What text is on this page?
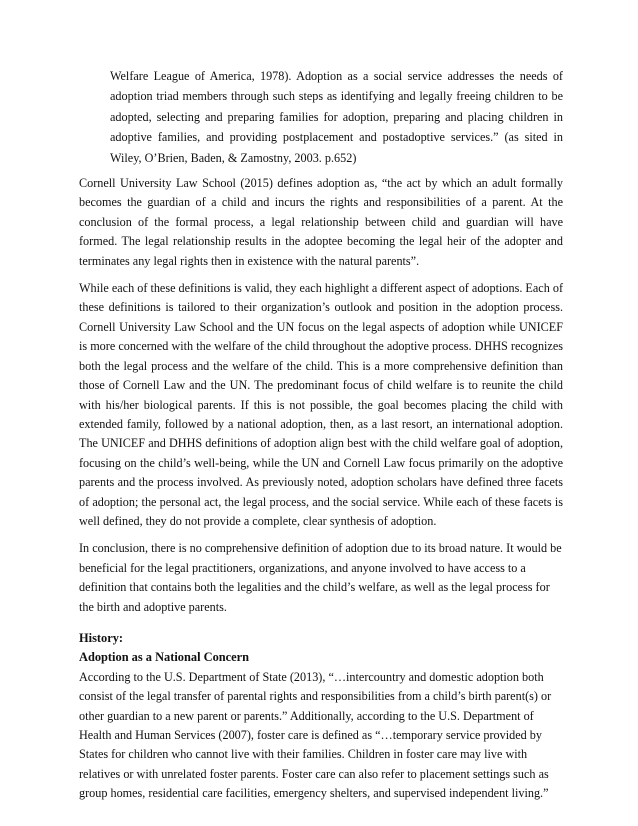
Welfare League of America, 1978). Adoption as a social service addresses the needs of adoption triad members through such steps as identifying and legally freeing children to be adopted, selecting and preparing families for adoption, preparing and placing children in adoptive families, and providing postplacement and postadoptive services.” (as sited in Wiley, O’Brien, Baden, & Zamostny, 2003. p.652)

Cornell University Law School (2015) defines adoption as, “the act by which an adult formally becomes the guardian of a child and incurs the rights and responsibilities of a parent. At the conclusion of the formal process, a legal relationship between child and guardian will have formed. The legal relationship results in the adoptee becoming the legal heir of the adopter and terminates any legal rights then in existence with the natural parents”.

While each of these definitions is valid, they each highlight a different aspect of adoptions. Each of these definitions is tailored to their organization’s outlook and position in the adoption process. Cornell University Law School and the UN focus on the legal aspects of adoption while UNICEF is more concerned with the welfare of the child throughout the adoptive process. DHHS recognizes both the legal process and the welfare of the child. This is a more comprehensive definition than those of Cornell Law and the UN. The predominant focus of child welfare is to reunite the child with his/her biological parents. If this is not possible, the goal becomes placing the child with extended family, followed by a national adoption, then, as a last resort, an international adoption. The UNICEF and DHHS definitions of adoption align best with the child welfare goal of adoption, focusing on the child’s well-being, while the UN and Cornell Law focus primarily on the adoptive parents and the process involved. As previously noted, adoption scholars have defined three facets of adoption; the personal act, the legal process, and the social service. While each of these facets is well defined, they do not provide a complete, clear synthesis of adoption.

In conclusion, there is no comprehensive definition of adoption due to its broad nature. It would be beneficial for the legal practitioners, organizations, and anyone involved to have access to a definition that contains both the legalities and the child’s welfare, as well as the legal process for the birth and adoptive parents.

History:

Adoption as a National Concern

According to the U.S. Department of State (2013), “…intercountry and domestic adoption both consist of the legal transfer of parental rights and responsibilities from a child’s birth parent(s) or other guardian to a new parent or parents.” Additionally, according to the U.S. Department of Health and Human Services (2007), foster care is defined as “…temporary service provided by States for children who cannot live with their families. Children in foster care may live with relatives or with unrelated foster parents. Foster care can also refer to placement settings such as group homes, residential care facilities, emergency shelters, and supervised independent living.”
